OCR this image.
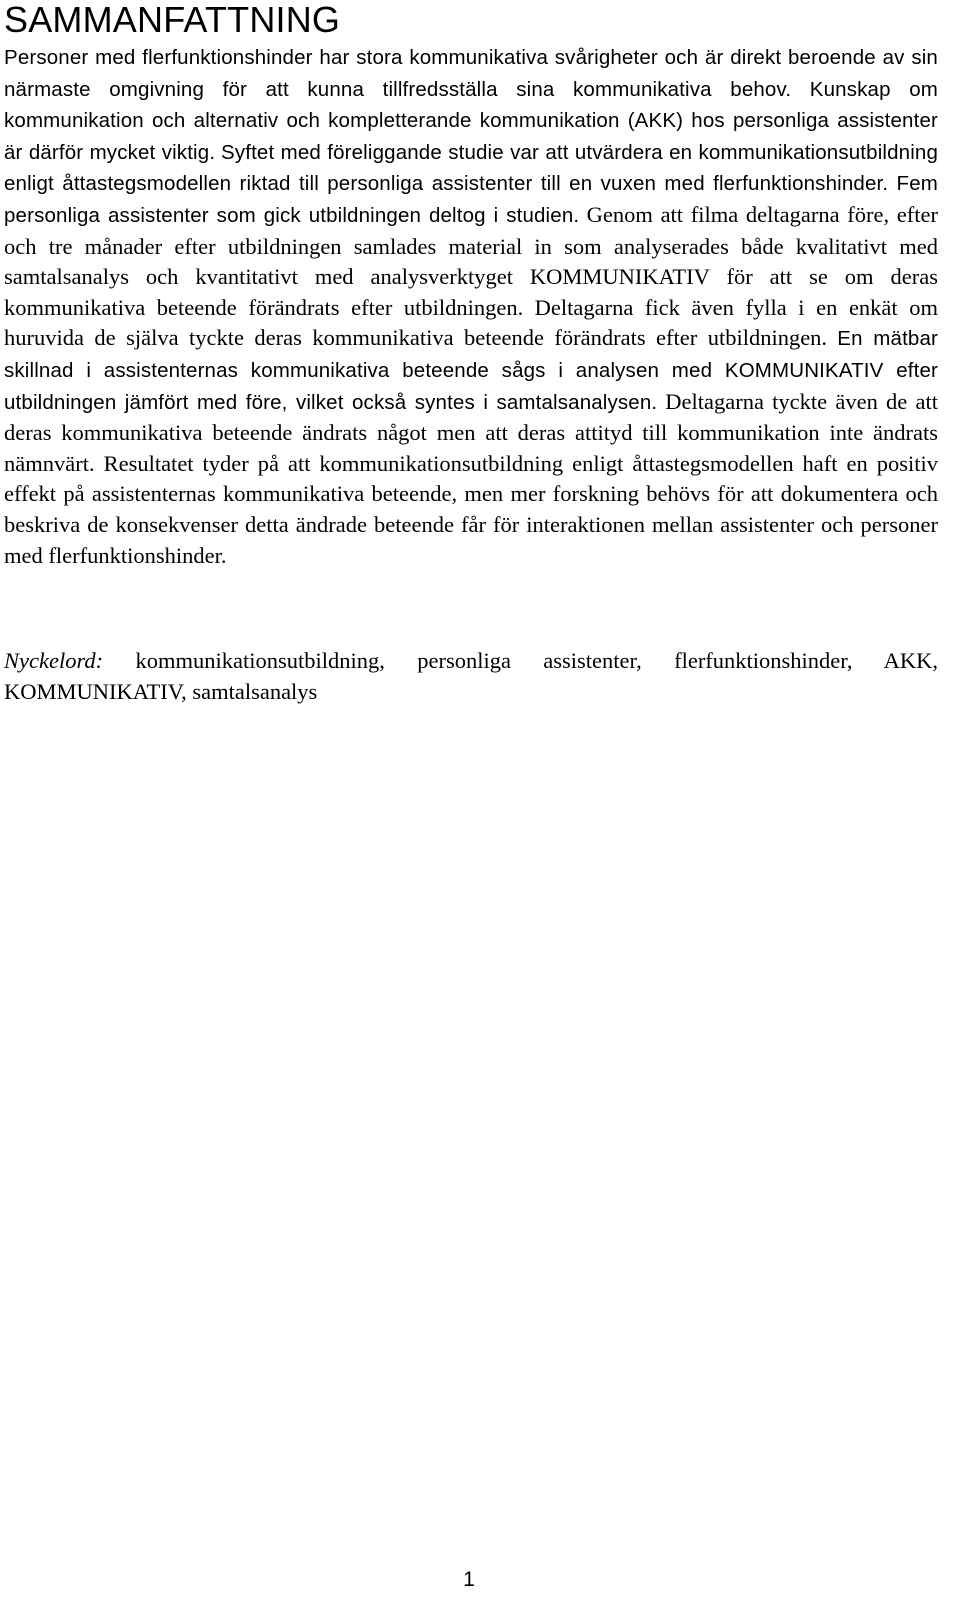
SAMMANFATTNING

Personer med flerfunktionshinder har stora kommunikativa svårigheter och är direkt beroende av sin närmaste omgivning för att kunna tillfredsställa sina kommunikativa behov. Kunskap om kommunikation och alternativ och kompletterande kommunikation (AKK) hos personliga assistenter är därför mycket viktig. Syftet med föreliggande studie var att utvärdera en kommunikationsutbildning enligt åttastegsmodellen riktad till personliga assistenter till en vuxen med flerfunktionshinder. Fem personliga assistenter som gick utbildningen deltog i studien. Genom att filma deltagarna före, efter och tre månader efter utbildningen samlades material in som analyserades både kvalitativt med samtalsanalys och kvantitativt med analysverktyget KOMMUNIKATIV för att se om deras kommunikativa beteende förändrats efter utbildningen. Deltagarna fick även fylla i en enkät om huruvida de själva tyckte deras kommunikativa beteende förändrats efter utbildningen. En mätbar skillnad i assistenternas kommunikativa beteende sågs i analysen med KOMMUNIKATIV efter utbildningen jämfört med före, vilket också syntes i samtalsanalysen. Deltagarna tyckte även de att deras kommunikativa beteende ändrats något men att deras attityd till kommunikation inte ändrats nämnvärt. Resultatet tyder på att kommunikationsutbildning enligt åttastegsmodellen haft en positiv effekt på assistenternas kommunikativa beteende, men mer forskning behövs för att dokumentera och beskriva de konsekvenser detta ändrade beteende får för interaktionen mellan assistenter och personer med flerfunktionshinder.

Nyckelord: kommunikationsutbildning, personliga assistenter, flerfunktionshinder, AKK, KOMMUNIKATIV, samtalsanalys

1
